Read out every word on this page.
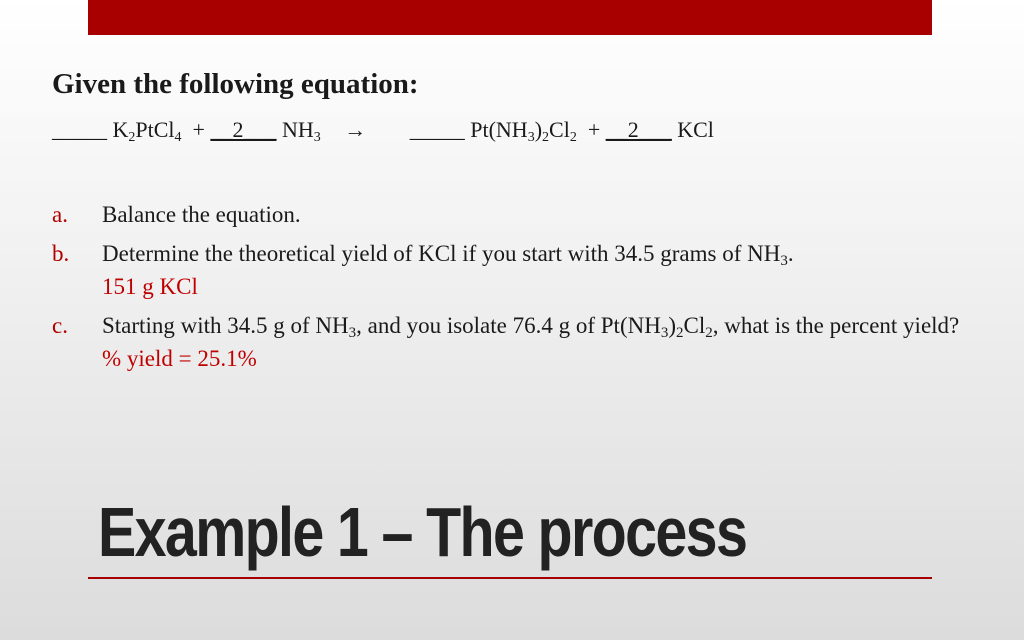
Given the following equation:
_____ $K_2PtCl_4$ + __2___ $NH_3$ → _____ $Pt(NH_3)_2Cl_2$ + __2___ KCl
a. Balance the equation.
b. Determine the theoretical yield of KCl if you start with 34.5 grams of $NH_3$.
151 g KCl
c. Starting with 34.5 g of $NH_3$, and you isolate 76.4 g of $Pt(NH_3)_2Cl_2$, what is the percent yield? % yield = 25.1%
Example 1 – The process
